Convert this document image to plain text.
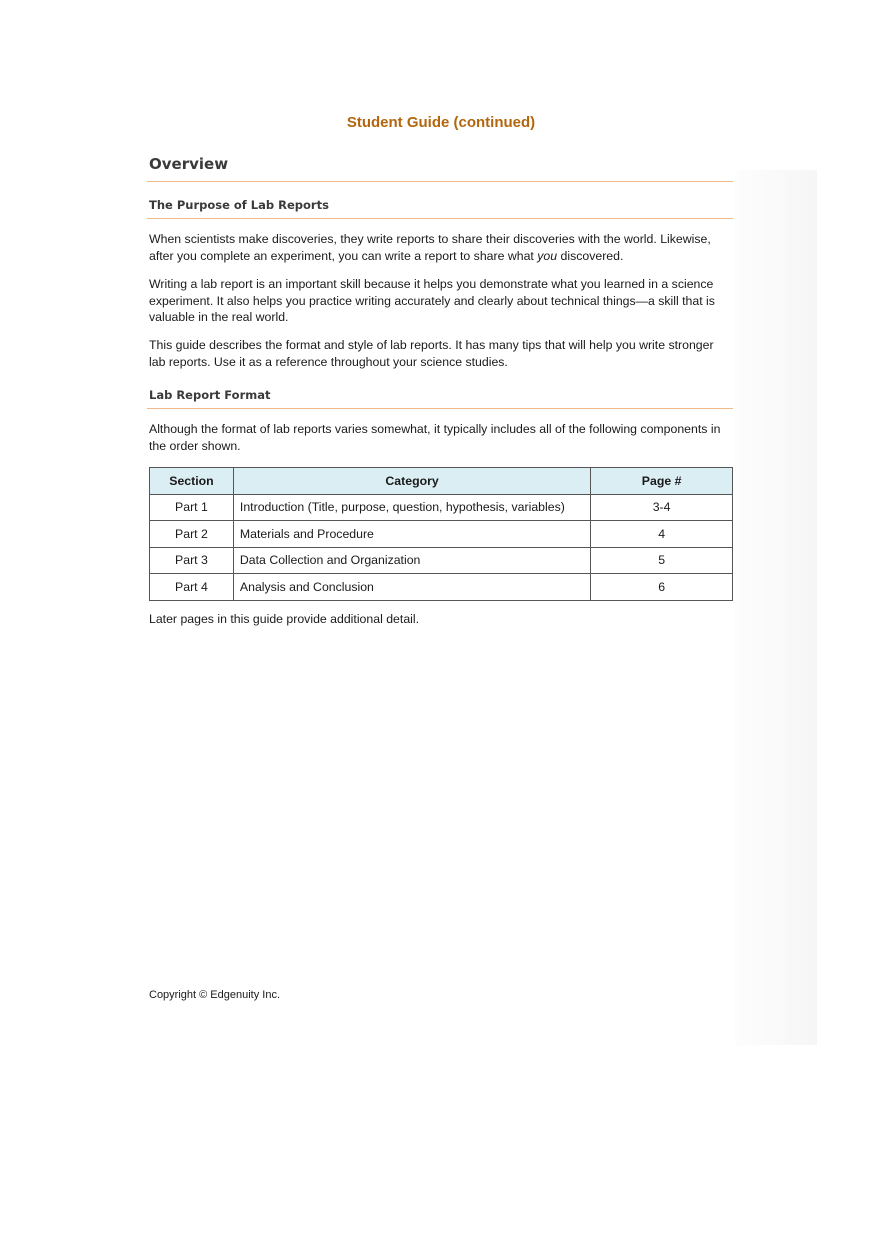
Student Guide (continued)
Overview
The Purpose of Lab Reports

When scientists make discoveries, they write reports to share their discoveries with the world. Likewise, after you complete an experiment, you can write a report to share what you discovered.

Writing a lab report is an important skill because it helps you demonstrate what you learned in a science experiment. It also helps you practice writing accurately and clearly about technical things—a skill that is valuable in the real world.

This guide describes the format and style of lab reports. It has many tips that will help you write stronger lab reports. Use it as a reference throughout your science studies.

Lab Report Format

Although the format of lab reports varies somewhat, it typically includes all of the following components in the order shown.

Section	Category	Page #
Part 1	Introduction (Title, purpose, question, hypothesis, variables)	3-4
Part 2	Materials and Procedure	4
Part 3	Data Collection and Organization	5
Part 4	Analysis and Conclusion	6

Later pages in this guide provide additional detail.

Copyright © Edgenuity Inc.
